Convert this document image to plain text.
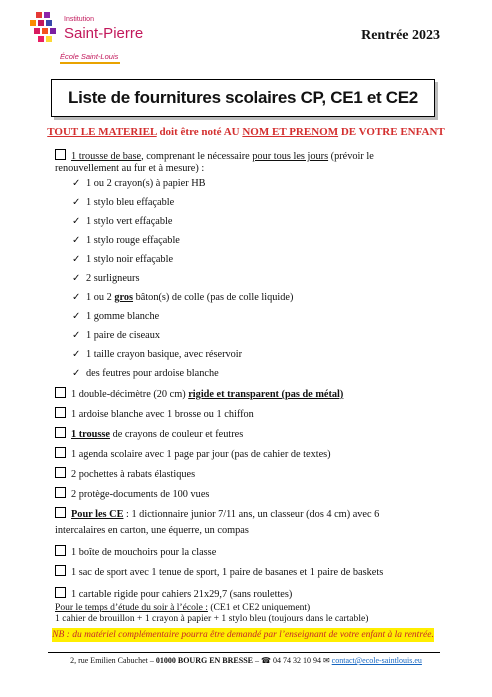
Institution
Saint-Pierre
École Saint-Louis
Rentrée 2023
Liste de fournitures scolaires CP, CE1 et CE2
TOUT LE MATERIEL doit être noté AU NOM ET PRENOM DE VOTRE ENFANT
1 trousse de base, comprenant le nécessaire pour tous les jours (prévoir le
renouvellement au fur et à mesure) :
✓ 1 ou 2 crayon(s) à papier HB
✓ 1 stylo bleu effaçable
✓ 1 stylo vert effaçable
✓ 1 stylo rouge effaçable
✓ 1 stylo noir effaçable
✓ 2 surligneurs
✓ 1 ou 2 gros bâton(s) de colle (pas de colle liquide)
✓ 1 gomme blanche
✓ 1 paire de ciseaux
✓ 1 taille crayon basique, avec réservoir
✓ des feutres pour ardoise blanche
1 double-décimètre (20 cm) rigide et transparent (pas de métal)
1 ardoise blanche avec 1 brosse ou 1 chiffon
1 trousse de crayons de couleur et feutres
1 agenda scolaire avec 1 page par jour (pas de cahier de textes)
2 pochettes à rabats élastiques
2 protège-documents de 100 vues
Pour les CE : 1 dictionnaire junior 7/11 ans, un classeur (dos 4 cm) avec 6
intercalaires en carton, une équerre, un compas
1 boîte de mouchoirs pour la classe
1 sac de sport avec 1 tenue de sport, 1 paire de basanes et 1 paire de baskets
1 cartable rigide pour cahiers 21x29,7 (sans roulettes)
Pour le temps d’étude du soir à l’école : (CE1 et CE2 uniquement)
1 cahier de brouillon + 1 crayon à papier + 1 stylo bleu (toujours dans le cartable)
NB : du matériel complémentaire pourra être demandé par l’enseignant de votre enfant à la rentrée.
2, rue Emilien Cabuchet – 01000 BOURG EN BRESSE – ☎ 04 74 32 10 94 ✉ contact@ecole-saintlouis.eu
